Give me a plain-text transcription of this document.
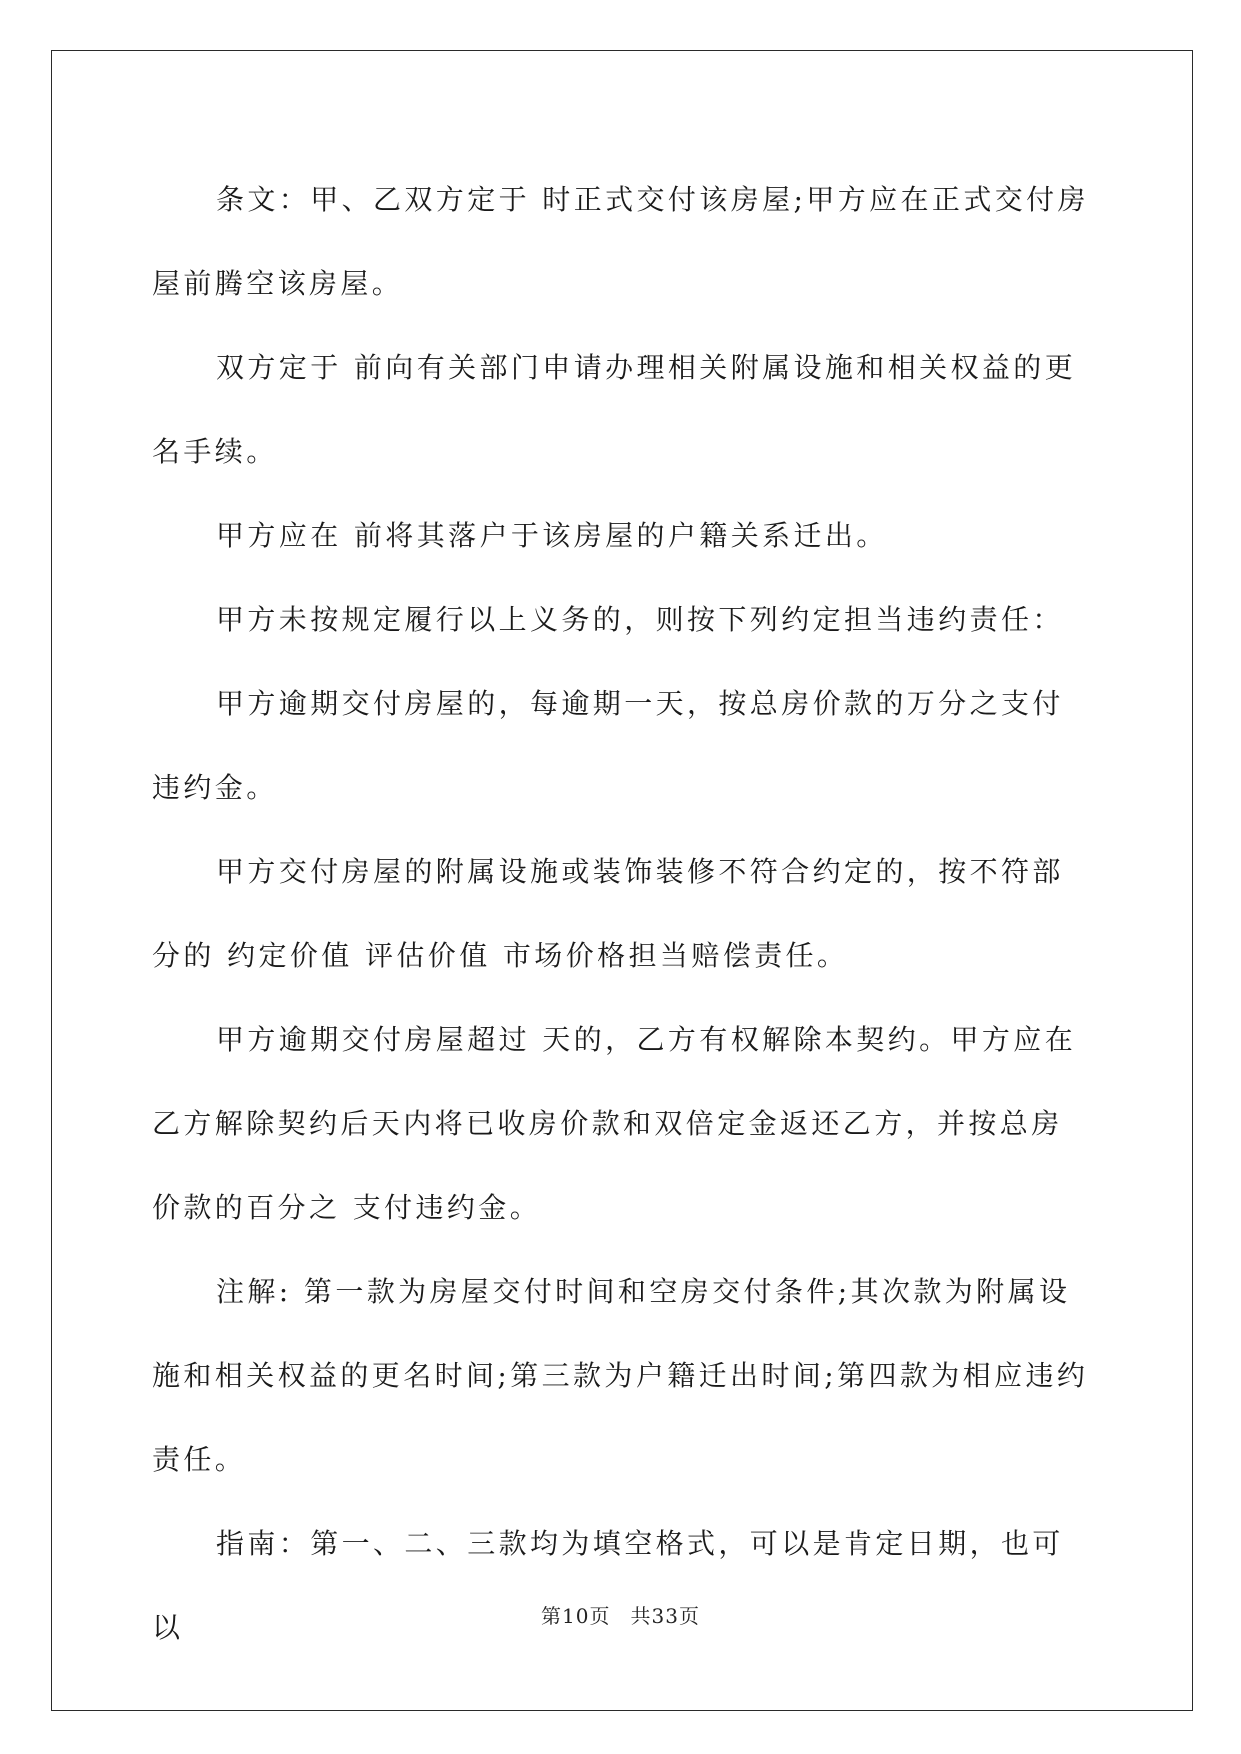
条文：甲、乙双方定于 时正式交付该房屋;甲方应在正式交付房屋前腾空该房屋。

双方定于 前向有关部门申请办理相关附属设施和相关权益的更名手续。

甲方应在 前将其落户于该房屋的户籍关系迁出。

甲方未按规定履行以上义务的，则按下列约定担当违约责任：

甲方逾期交付房屋的，每逾期一天，按总房价款的万分之支付违约金。

甲方交付房屋的附属设施或装饰装修不符合约定的，按不符部分的 约定价值 评估价值 市场价格担当赔偿责任。

甲方逾期交付房屋超过 天的，乙方有权解除本契约。甲方应在乙方解除契约后天内将已收房价款和双倍定金返还乙方，并按总房价款的百分之 支付违约金。

注解: 第一款为房屋交付时间和空房交付条件;其次款为附属设施和相关权益的更名时间;第三款为户籍迁出时间;第四款为相应违约责任。

指南：第一、二、三款均为填空格式，可以是肯定日期，也可以	第10页 共33页
